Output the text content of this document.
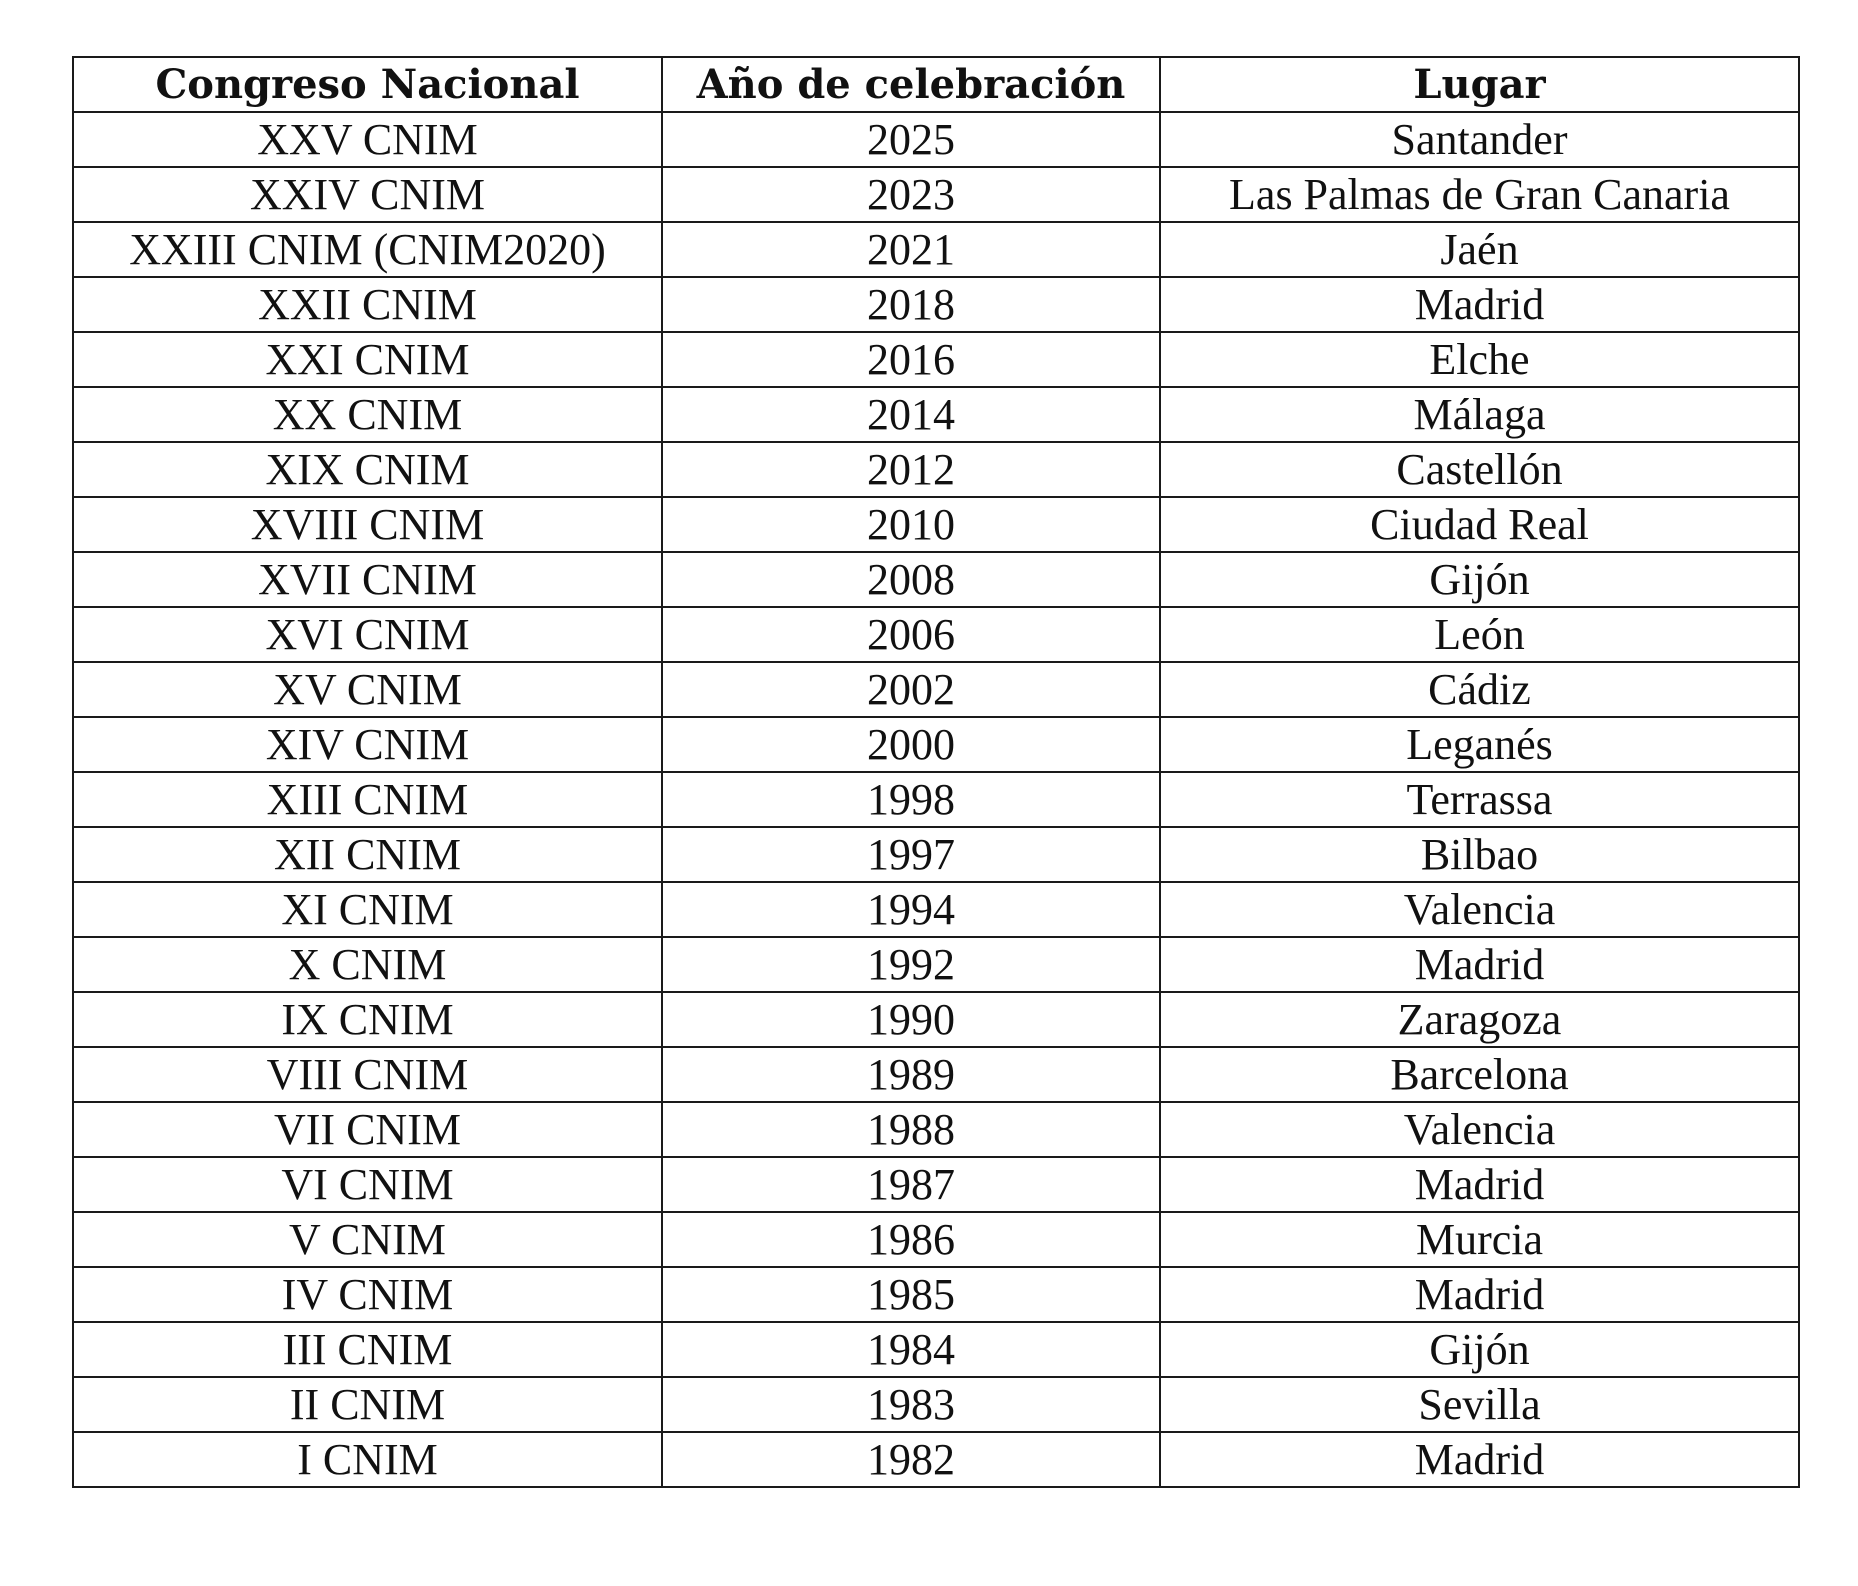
Congreso Nacional	Año de celebración	Lugar
XXV CNIM	2025	Santander
XXIV CNIM	2023	Las Palmas de Gran Canaria
XXIII CNIM (CNIM2020)	2021	Jaén
XXII CNIM	2018	Madrid
XXI CNIM	2016	Elche
XX CNIM	2014	Málaga
XIX CNIM	2012	Castellón
XVIII CNIM	2010	Ciudad Real
XVII CNIM	2008	Gijón
XVI CNIM	2006	León
XV CNIM	2002	Cádiz
XIV CNIM	2000	Leganés
XIII CNIM	1998	Terrassa
XII CNIM	1997	Bilbao
XI CNIM	1994	Valencia
X CNIM	1992	Madrid
IX CNIM	1990	Zaragoza
VIII CNIM	1989	Barcelona
VII CNIM	1988	Valencia
VI CNIM	1987	Madrid
V CNIM	1986	Murcia
IV CNIM	1985	Madrid
III CNIM	1984	Gijón
II CNIM	1983	Sevilla
I CNIM	1982	Madrid
